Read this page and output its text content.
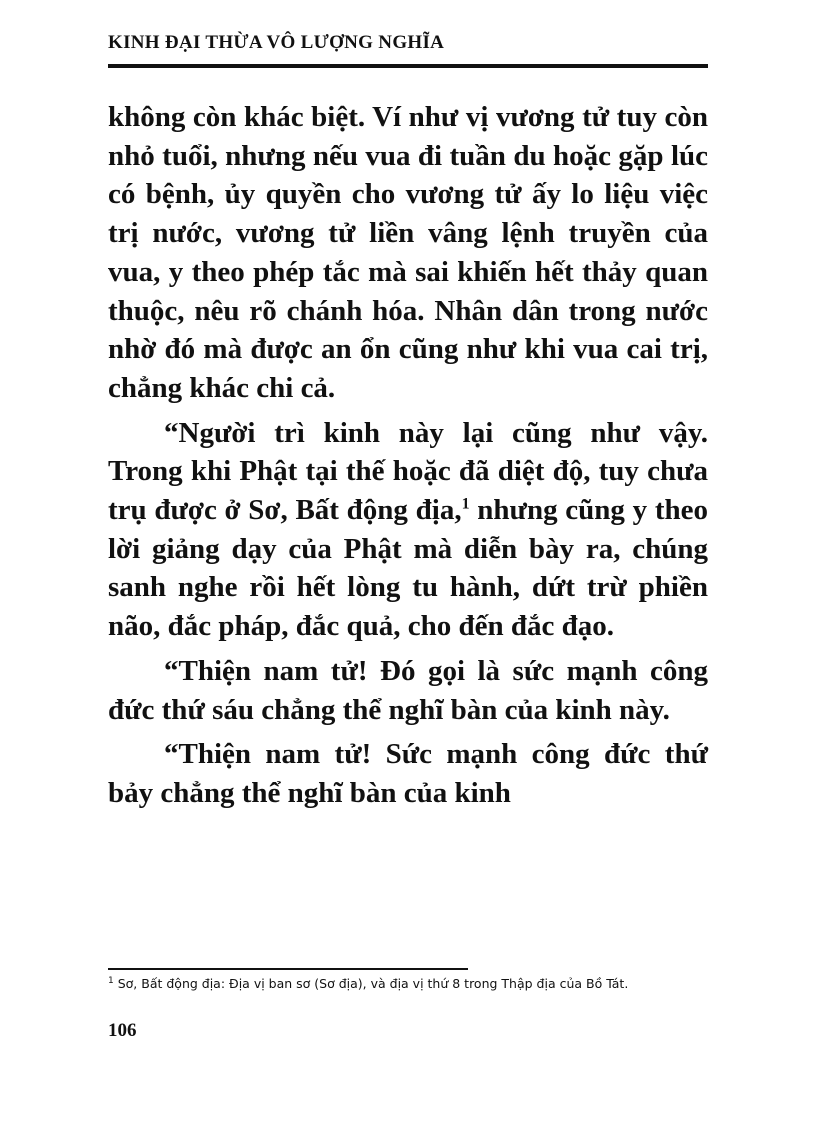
KINH ĐẠI THỪA VÔ LƯỢNG NGHĨA

không còn khác biệt. Ví như vị vương tử tuy còn nhỏ tuổi, nhưng nếu vua đi tuần du hoặc gặp lúc có bệnh, ủy quyền cho vương tử ấy lo liệu việc trị nước, vương tử liền vâng lệnh truyền của vua, y theo phép tắc mà sai khiến hết thảy quan thuộc, nêu rõ chánh hóa. Nhân dân trong nước nhờ đó mà được an ổn cũng như khi vua cai trị, chẳng khác chi cả.

“Người trì kinh này lại cũng như vậy. Trong khi Phật tại thế hoặc đã diệt độ, tuy chưa trụ được ở Sơ, Bất động địa,$^1$ nhưng cũng y theo lời giảng dạy của Phật mà diễn bày ra, chúng sanh nghe rồi hết lòng tu hành, dứt trừ phiền não, đắc pháp, đắc quả, cho đến đắc đạo.

“Thiện nam tử! Đó gọi là sức mạnh công đức thứ sáu chẳng thể nghĩ bàn của kinh này.

“Thiện nam tử! Sức mạnh công đức thứ bảy chẳng thể nghĩ bàn của kinh

$^1$ Sơ, Bất động địa: Địa vị ban sơ (Sơ địa), và địa vị thứ 8 trong Thập địa của Bồ Tát.
106
